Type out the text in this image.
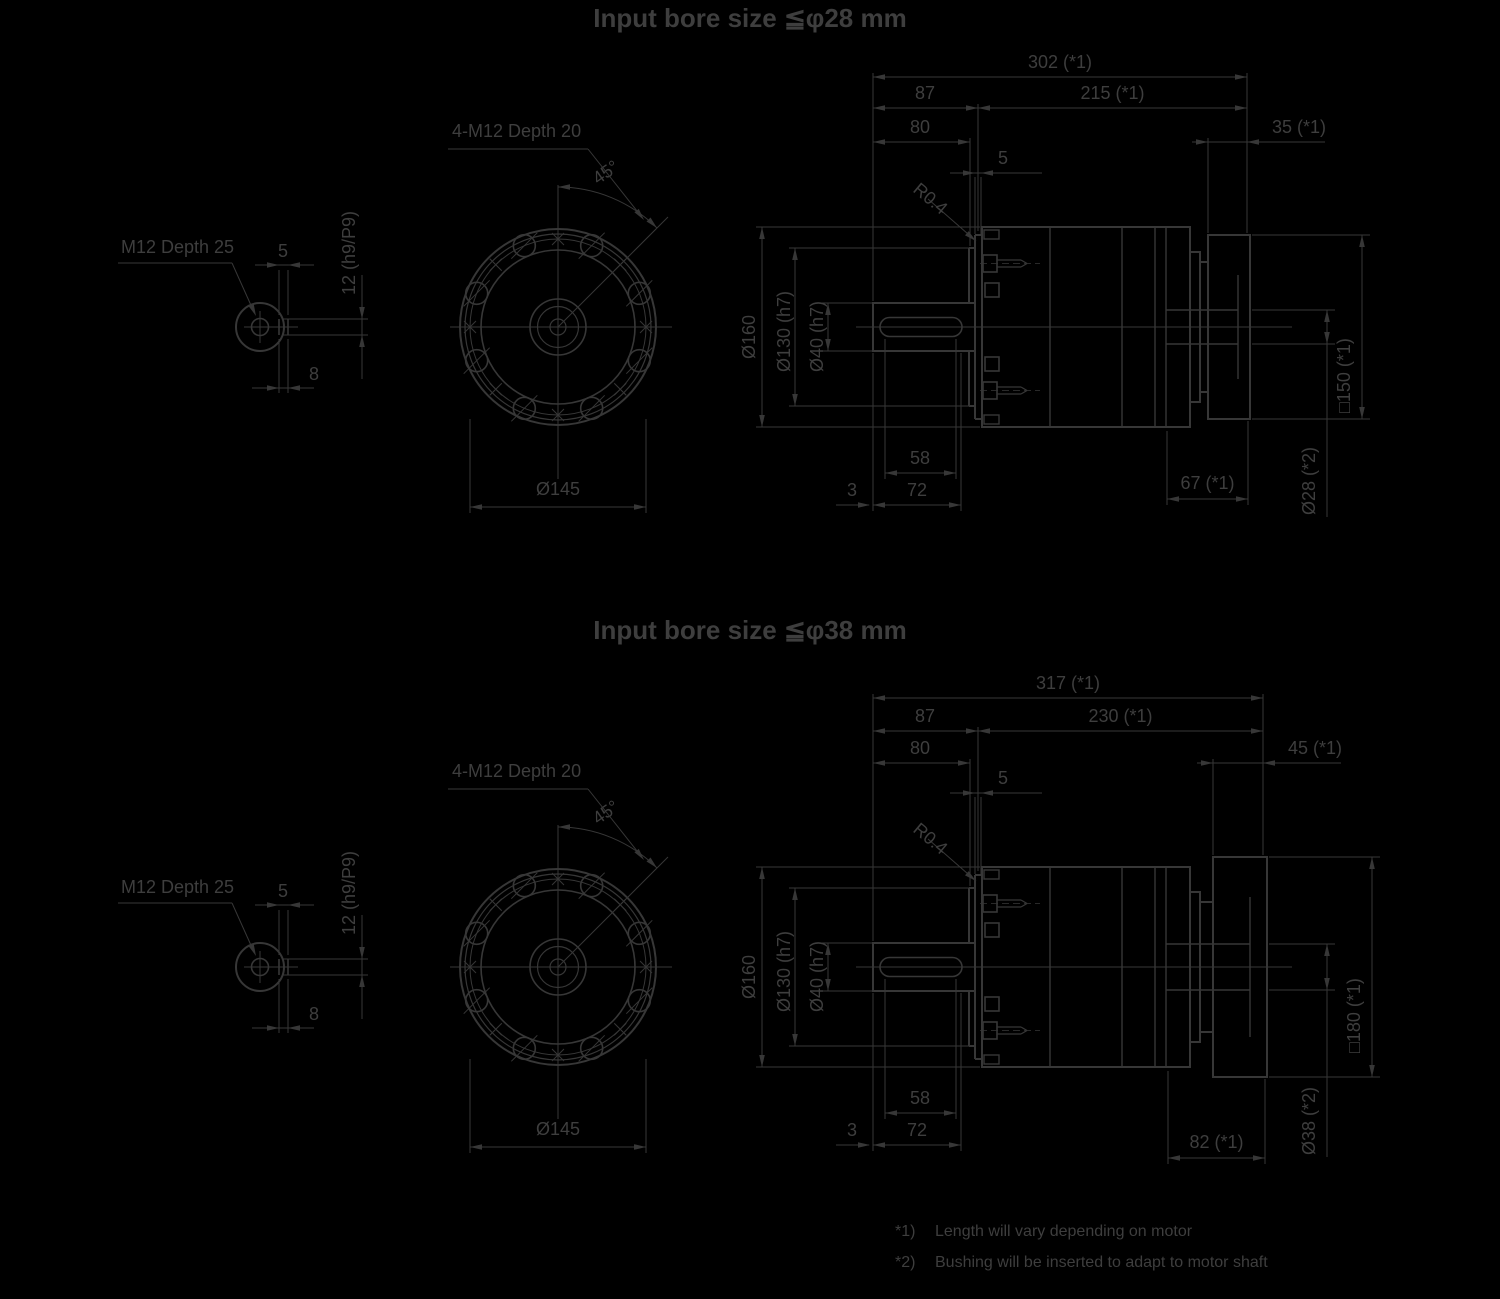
Input bore size ≦φ28 mm
5	12 (h9/P9)
8
M12 Depth 25
45°
4-M12 Depth 20
Ø145
Ø160 Ø130 (h7) Ø40 (h7)
R0.4
302 (*1)
87	215 (*1)
80	35 (*1)
5
□150 (*1)
Ø28 (*2)
67 (*1)
58
72
3
Input bore size ≦φ38 mm
5	12 (h9/P9)
8
M12 Depth 25
45°
4-M12 Depth 20
Ø145
Ø160 Ø130 (h7) Ø40 (h7)
R0.4
317 (*1)
87	230 (*1)
80	45 (*1)
5
□180 (*1)
Ø38 (*2)
82 (*1)
58
72
3
*1) Length will vary depending on motor
*2) Bushing will be inserted to adapt to motor shaft
